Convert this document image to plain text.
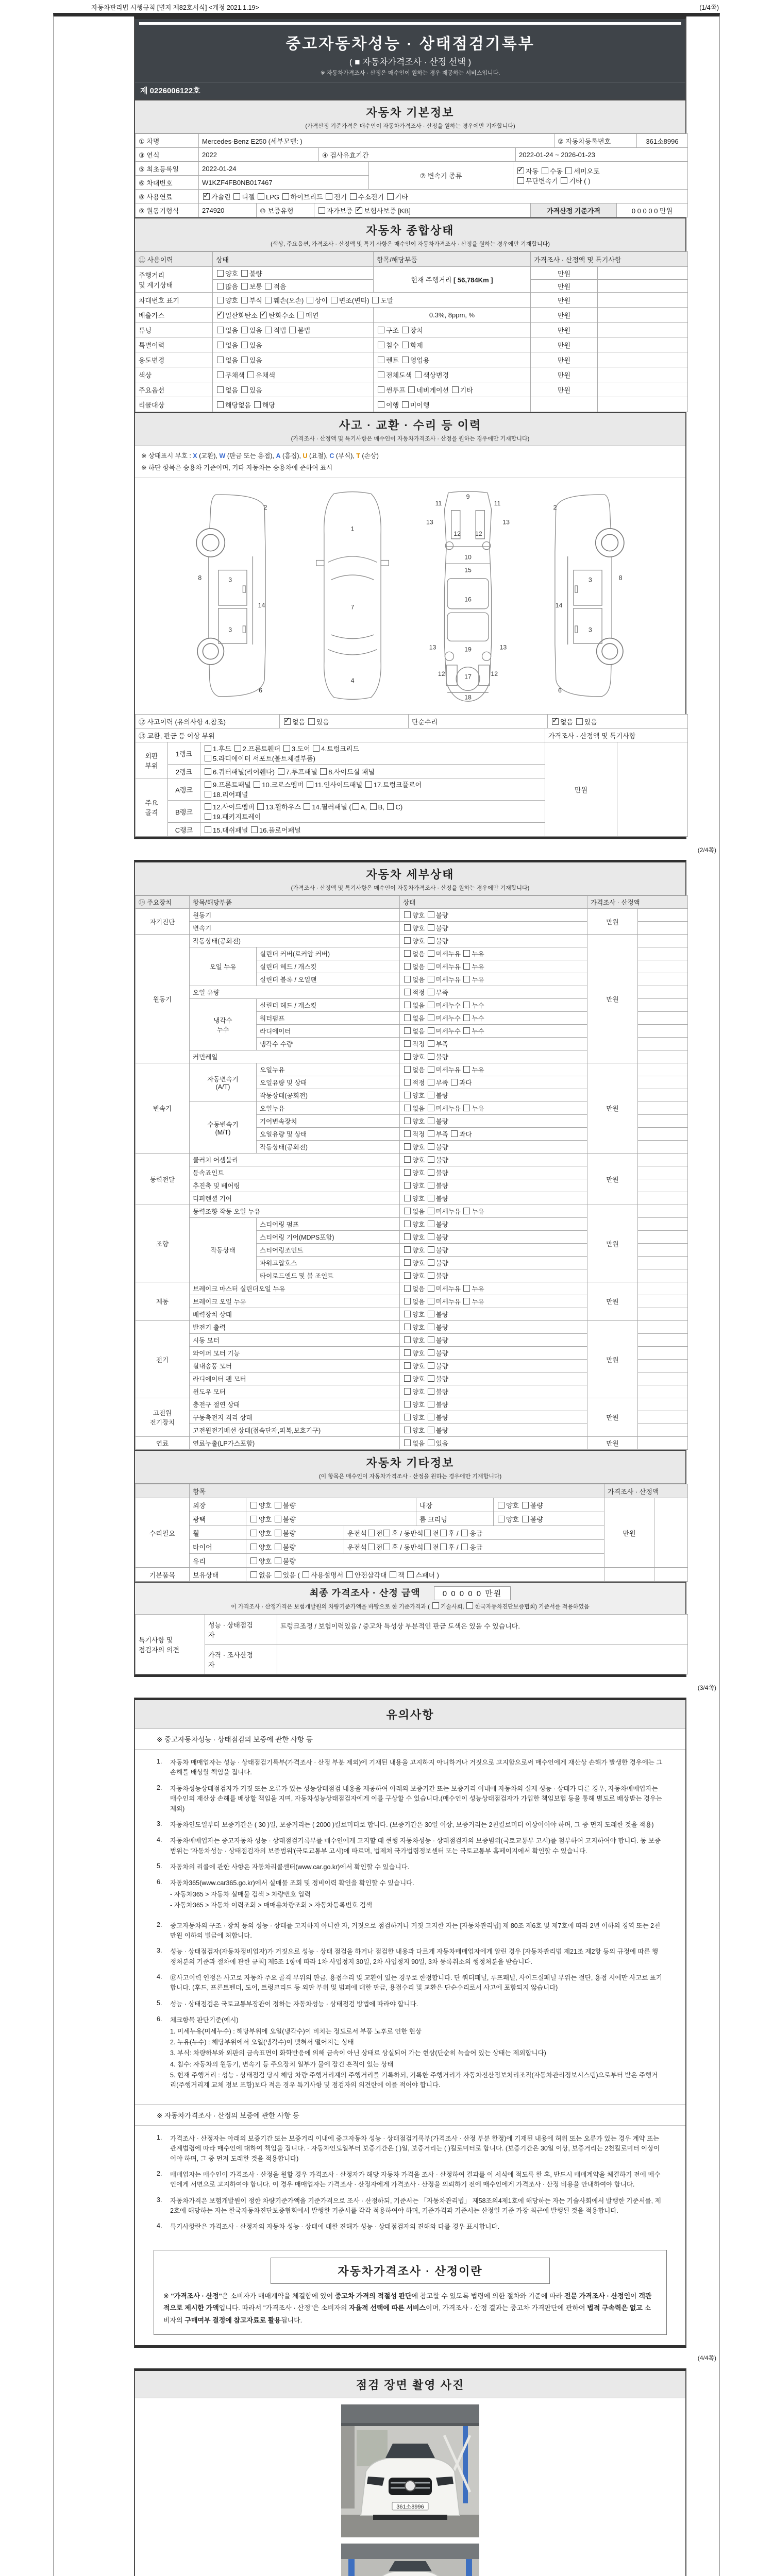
자동차관리법 시행규칙 [별지 제82호서식] <개정 2021.1.19>	(1/4쪽)
중고자동차성능 · 상태점검기록부
( ■ 자동차가격조사 · 산정 선택 )
※ 자동차가격조사 · 산정은 매수인이 원하는 경우 제공하는 서비스입니다.
제 0226006122호
자동차 기본정보
(가격산정 기준가격은 매수인이 자동차가격조사 · 산정을 원하는 경우에만 기재합니다)
① 차명	Mercedes-Benz E250 (세부모델: )	② 자동차등록번호	361소8996
③ 연식	2022	④ 검사유효기간	2022-01-24 ~ 2026-01-23
⑤ 최초등록일	2022-01-24	⑦ 변속기 종류	✓자동 수동 세미오토
무단변속기 기타 ( )
⑥ 차대번호	W1KZF4FB0NB017467		
⑧ 사용연료	✓가솔린 디젤 LPG 하이브리드 전기 수소전기 기타
⑨ 원동기형식	274920	⑩ 보증유형	자가보증 ✓보험사보증 [KB]	가격산정 기준가격	0 0 0 0 0 만원
자동차 종합상태
(색상, 주요옵션, 가격조사 · 산정액 및 특기 사항은 매수인이 자동차가격조사 · 산정을 원하는 경우에만 기재합니다)
⑪ 사용이력	상태	항목/해당부품	가격조사 · 산정액 및 특기사항	
주행거리
및 계기상태	양호 불량	현재 주행거리 [ 56,784Km ]	만원	
	많음 보통 적음		만원	
차대번호 표기	양호 부식 훼손(오손) 상이 변조(변타) 도말		만원	
배출가스	✓일산화탄소 ✓탄화수소 매연	0.3%, 8ppm, %	만원	
튜닝	없음 있음 적법 불법	구조 장치	만원	
특별이력	없음 있음	침수 화재	만원	
용도변경	없음 있음	렌트 영업용	만원	
색상	무채색 유채색	전체도색 색상변경	만원	
주요옵션	없음 있음	썬루프 네비게이션 기타	만원	
리콜대상	해당없음 해당	이행 미이행		
사고 · 교환 · 수리 등 이력
(가격조사 · 산정액 및 특기사항은 매수인이 자동차가격조사 · 산정을 원하는 경우에만 기재합니다)
※ 상태표시 부호 : X (교환), W (판금 또는 용접), A (흠집), U (요철), C (부식), T (손상)
※ 하단 항목은 승용차 기준이며, 기타 자동차는 승용차에 준하여 표시
2
8	3
14
3
6
1
7
4
11
9
11
13
12 12
13
10
15
16
13	19	13
12	17	12
18
2
3	8
14
3
6
⑫ 사고이력 (유의사항 4.참조)	✓없음 있음	단순수리	✓없음 있음
⑬ 교환, 판금 등 이상 부위	가격조사 · 산정액 및 특기사항
외판
부위	1랭크	1.후드 2.프론트휀더 3.도어 4.트렁크리드
5.라디에이터 서포트(볼트체결부품)	만원	
	2랭크	6.쿼터패널(리어휀다) 7.루프패널 8.사이드실 패널		
주요
골격	A랭크	9.프론트패널 10.크로스멤버 11.인사이드패널 17.트렁크플로어
18.리어패널		
	B랭크	12.사이드멤버 13.휠하우스 14.필러패널 ( A, B, C)
19.패키지트레이		
	C랭크	15.대쉬패널 16.플로어패널		
(2/4쪽)
자동차 세부상태
(가격조사 · 산정액 및 특기사항은 매수인이 자동차가격조사 · 산정을 원하는 경우에만 기재합니다)
⑭ 주요장치	항목/해당부품		상태	가격조사 · 산정액	
자기진단	원동기		양호 불량	만원	
	변속기		양호 불량		
원동기	작동상태(공회전)		양호 불량	만원	
	오일 누유	실린더 커버(로커암 커버)	없음 미세누유 누유		
		실린더 헤드 / 개스킷	없음 미세누유 누유		
		실린더 블록 / 오일팬	없음 미세누유 누유		
	오일 유량		적정 부족		
	냉각수
누수	실린더 헤드 / 개스킷	없음 미세누수 누수		
		워터펌프	없음 미세누수 누수		
		라디에이터	없음 미세누수 누수		
		냉각수 수량	적정 부족		
	커먼레일		양호 불량		
변속기	자동변속기
(A/T)	오일누유	없음 미세누유 누유	만원	
		오일유량 및 상태	적정 부족 과다		
		작동상태(공회전)	양호 불량		
	수동변속기
(M/T)	오일누유	없음 미세누유 누유		
		기어변속장치	양호 불량		
		오일유량 및 상태	적정 부족 과다		
		작동상태(공회전)	양호 불량		
동력전달	클러치 어셈블리		양호 불량	만원	
	등속죠인트		양호 불량		
	추진축 및 베어링		양호 불량		
	디퍼렌셜 기어		양호 불량		
조향	동력조향 작동 오일 누유		없음 미세누유 누유	만원	
	작동상태	스티어링 펌프	양호 불량		
		스티어링 기어(MDPS포함)	양호 불량		
		스티어링조인트	양호 불량		
		파워고압호스	양호 불량		
		타이로드엔드 및 볼 조인트	양호 불량		
제동	브레이크 마스터 실린더오일 누유		없음 미세누유 누유	만원	
	브레이크 오일 누유		없음 미세누유 누유		
	배력장치 상태		양호 불량		
전기	발전기 출력		양호 불량	만원	
	시동 모터		양호 불량		
	와이퍼 모터 기능		양호 불량		
	실내송풍 모터		양호 불량		
	라디에이터 팬 모터		양호 불량		
	윈도우 모터		양호 불량		
고전원
전기장치	충전구 절연 상태		양호 불량	만원	
	구동축전지 격리 상태		양호 불량		
	고전원전기배선 상태(접속단자,피복,보호기구)		양호 불량		
연료	연료누출(LP가스포함)		없음 있음	만원	
자동차 기타정보
(이 항목은 매수인이 자동차가격조사 · 산정을 원하는 경우에만 기재합니다)
	항목					가격조사 · 산정액	
수리필요	외장	양호 불량		내장	양호 불량	만원	
	광택	양호 불량		룸 크리닝	양호 불량		
	휠	양호 불량	운전석 전 후 / 동반석 전 후 / 응급				
	타이어	양호 불량	운전석 전 후 / 동반석 전 후 / 응급				
	유리	양호 불량					
기본품목	보유상태	없음 있음 ( 사용설명서 안전삼각대 잭 스패너 )					
최종 가격조사 · 산정 금액	0 0 0 0 0 만원
이 가격조사 · 산정가격은 보험개발원의 차량기준가액을 바탕으로 한 기준가격과 ( 기술사회, 한국자동차진단보증협회) 기준서를 적용하였음
특기사항 및
점검자의 의견	성능 · 상태점검
자	트렁크조정 / 보험이력있음 / 중고차 특성상 부분적인 판금 도색은 있을 수 있습니다.
	가격 · 조사산정
자	
(3/4쪽)
유의사항
※ 중고자동차성능 · 상태점검의 보증에 관한 사항 등
1.	자동차 매매업자는 성능 · 상태점검기록부(가격조사 · 산정 부분 제외)에 기재된 내용을 고지하지 아니하거나 거짓으로 고지함으로써 매수인에게 재산상 손해가 발생한 경우에는 그 손해를 배상할 책임을 집니다.
2.	자동차성능상태점검자가 거짓 또는 오류가 있는 성능상태점검 내용을 제공하여 아래의 보증기간 또는 보증거리 이내에 자동차의 실제 성능 · 상태가 다른 경우, 자동차매매업자는 매수인의 재산상 손해를 배상할 책임을 지며, 자동차성능상태점검자에게 이를 구상할 수 있습니다.(매수인이 성능상태점검자가 가입한 책임보험 등을 통해 별도로 배상받는 경우는 제외)
3.	자동차인도일부터 보증기간은 ( 30 )일, 보증거리는 ( 2000 )킬로미터로 합니다. (보증기간은 30일 이상, 보증거리는 2천킬로미터 이상이어야 하며, 그 중 먼저 도래한 것을 적용)
4.	자동차매매업자는 중고자동차 성능 · 상태점검기록부를 매수인에게 고지할 때 현행 자동차성능 · 상태점검자의 보증범위(국토교통부 고시)를 첨부하여 고지하여야 합니다. 동 보증범위는 '자동차성능 · 상태점검자의 보증범위'(국토교통부 고시)에 따르며, 법제처 국가법령정보센터 또는 국토교통부 홈페이지에서 확인할 수 있습니다.
5.	자동차의 리콜에 관한 사항은 자동차리콜센터(www.car.go.kr)에서 확인할 수 있습니다.
6.	자동차365(www.car365.go.kr)에서 실매물 조회 및 정비이력 확인을 확인할 수 있습니다.
- 자동차365 > 자동차 실매물 검색 > 차량번호 입력
- 자동차365 > 자동차 이력조회 > 매매용차량조회 > 자동차등록번호 검색
2.	중고자동차의 구조 · 장치 등의 성능 · 상태를 고지하지 아니한 자, 거짓으로 점검하거나 거짓 고지한 자는 [자동차관리법] 제 80조 제6호 및 제7호에 따라 2년 이하의 징역 또는 2천만원 이하의 벌금에 처합니다.
3.	성능 · 상태점검자(자동차정비업자)가 거짓으로 성능 · 상태 점검을 하거나 점검한 내용과 다르게 자동차매매업자에게 알린 경우 [자동차관리법 제21조 제2항 등의 규정에 따른 행정처분의 기준과 절차에 관한 규칙] 제5조 1항에 따라 1차 사업정지 30일, 2차 사업정지 90일, 3차 등록취소의 행정처분을 받습니다.
4.	⑫사고이력 인정은 사고로 자동차 주요 골격 부위의 판금, 용접수리 및 교환이 있는 경우로 한정합니다. 단 쿼터패널, 루프패널, 사이드실패널 부위는 절단, 용접 시에만 사고로 표기합니다. (후드, 프론트펜더, 도어, 트렁크리드 등 외판 부위 및 범퍼에 대한 판금, 용접수리 및 교환은 단순수리로서 사고에 포함되지 않습니다)
5.	성능 · 상태점검은 국토교통부장관이 정하는 자동차성능 · 상태점검 방법에 따라야 합니다.
6.	체크항목 판단기준(예시)
1. 미세누유(미세누수) : 해당부위에 오일(냉각수)이 비치는 정도로서 부품 노후로 인한 현상
2. 누유(누수) : 해당부위에서 오일(냉각수)이 맺혀서 떨어지는 상태
3. 부식: 차량하부와 외판의 금속표면이 화학반응에 의해 금속이 아닌 상태로 상실되어 가는 현상(단순히 녹슬어 있는 상태는 제외합니다)
4. 침수: 자동차의 원동기, 변속기 등 주요장치 일부가 물에 잠긴 흔적이 있는 상태
5. 현재 주행거리 : 성능 · 상태점검 당시 해당 차량 주행거리계의 주행거리를 기록하되, 기록한 주행거리가 자동차전산정보처리조직(자동차관리정보시스템)으로부터 받은 주행거리(주행거리계 교체 정보 포함)보다 적은 경우 특기사항 및 점검자의 의견란에 이를 적어야 합니다.
※ 자동차가격조사 · 산정의 보증에 관한 사항 등
1.	가격조사 · 산정자는 아래의 보증기간 또는 보증거리 이내에 중고자동차 성능 · 상태점검기록부(가격조사 · 산정 부분 한정)에 기재된 내용에 허위 또는 오류가 있는 경우 계약 또는 관계법령에 따라 매수인에 대하여 책임을 집니다. · 자동차인도일부터 보증기간은 ( )일, 보증거리는 ( )킬로미터로 합니다. (보증기간은 30일 이상, 보증거리는 2천킬로미터 이상이어야 하며, 그 중 먼저 도래한 것을 적용합니다)
2.	매매업자는 매수인이 가격조사 · 산정을 원할 경우 가격조사 · 산정자가 해당 자동차 가격을 조사 · 산정하여 결과를 이 서식에 적도록 한 후, 반드시 매매계약을 체결하기 전에 매수인에게 서면으로 고지하여야 합니다. 이 경우 매매업자는 가격조사 · 산정자에게 가격조사 · 산정을 의뢰하기 전에 매수인에게 가격조사 · 산정 비용을 안내하여야 합니다.
3.	자동차가격은 보험개발원이 정한 차량기준가액을 기준가격으로 조사 · 산정하되, 기준서는 「자동차관리법」 제58조의4제1호에 해당하는 자는 기술사회에서 발행한 기준서를, 제2호에 해당하는 자는 한국자동차진단보증협회에서 발행한 기준서를 각각 적용하여야 하며, 기준가격과 기준서는 산정일 기준 가장 최근에 발행된 것을 적용합니다.
4.	특기사항란은 가격조사 · 산정자의 자동차 성능 · 상태에 대한 견해가 성능 · 상태점검자의 견해와 다를 경우 표시합니다.
자동차가격조사 · 산정이란
※ "가격조사 · 산정"은 소비자가 매매계약을 체결함에 있어 중고차 가격의 적절성 판단에 참고할 수 있도록 법령에 의한 절차와 기준에 따라 전문 가격조사 · 산정인이 객관적으로 제시한 가액입니다. 따라서 "가격조사 · 산정"은 소비자의 자율적 선택에 따른 서비스이며, 가격조사 · 산정 결과는 중고차 가격판단에 관하여 법적 구속력은 없고 소비자의 구매여부 결정에 참고자료로 활용됩니다.
(4/4쪽)
점검 장면 촬영 사진
361소8996
